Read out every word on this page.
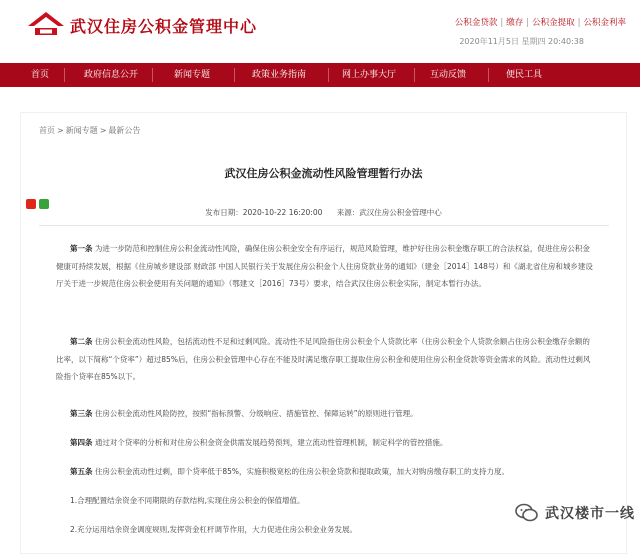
武汉住房公积金管理中心	公积金贷款 | 缴存 | 公积金提取 | 公积金利率
2020年11月5日 星期四 20:40:38
首页	政府信息公开	新闻专题	政策业务指南	网上办事大厅	互动反馈	便民工具
首页 > 新闻专题 > 最新公告
武汉住房公积金流动性风险管理暂行办法
发布日期：2020-10-22 16:20:00 来源：武汉住房公积金管理中心

第一条 为进一步防范和控制住房公积金流动性风险，确保住房公积金安全有序运行，规范风险管理，维护好住房公积金缴存职工的合法权益，促进住房公积金健康可持续发展，根据《住房城乡建设部 财政部 中国人民银行关于发展住房公积金个人住房贷款业务的通知》（建金［2014］148号）和《湖北省住房和城乡建设厅关于进一步规范住房公积金使用有关问题的通知》（鄂建文［2016］73号）要求，结合武汉住房公积金实际，制定本暂行办法。

第二条 住房公积金流动性风险，包括流动性不足和过剩风险。流动性不足风险指住房公积金个人贷款比率（住房公积金个人贷款余额占住房公积金缴存余额的比率，以下简称“个贷率”）超过85%后，住房公积金管理中心存在不能及时满足缴存职工提取住房公积金和使用住房公积金贷款等资金需求的风险。流动性过剩风险指个贷率在85%以下。

第三条 住房公积金流动性风险防控，按照“指标预警、分级响应、措施管控、保障运转”的原则进行管理。

第四条 通过对个贷率的分析和对住房公积金资金供需发展趋势预判，建立流动性管理机制，制定科学的管控措施。

第五条 住房公积金流动性过剩，即个贷率低于85%，实施积极宽松的住房公积金贷款和提取政策，加大对购房缴存职工的支持力度。

1.合理配置结余资金不同期限的存款结构,实现住房公积金的保值增值。

2.充分运用结余资金调度规则,发挥资金杠杆调节作用，大力促进住房公积金业务发展。

武汉楼市一线
